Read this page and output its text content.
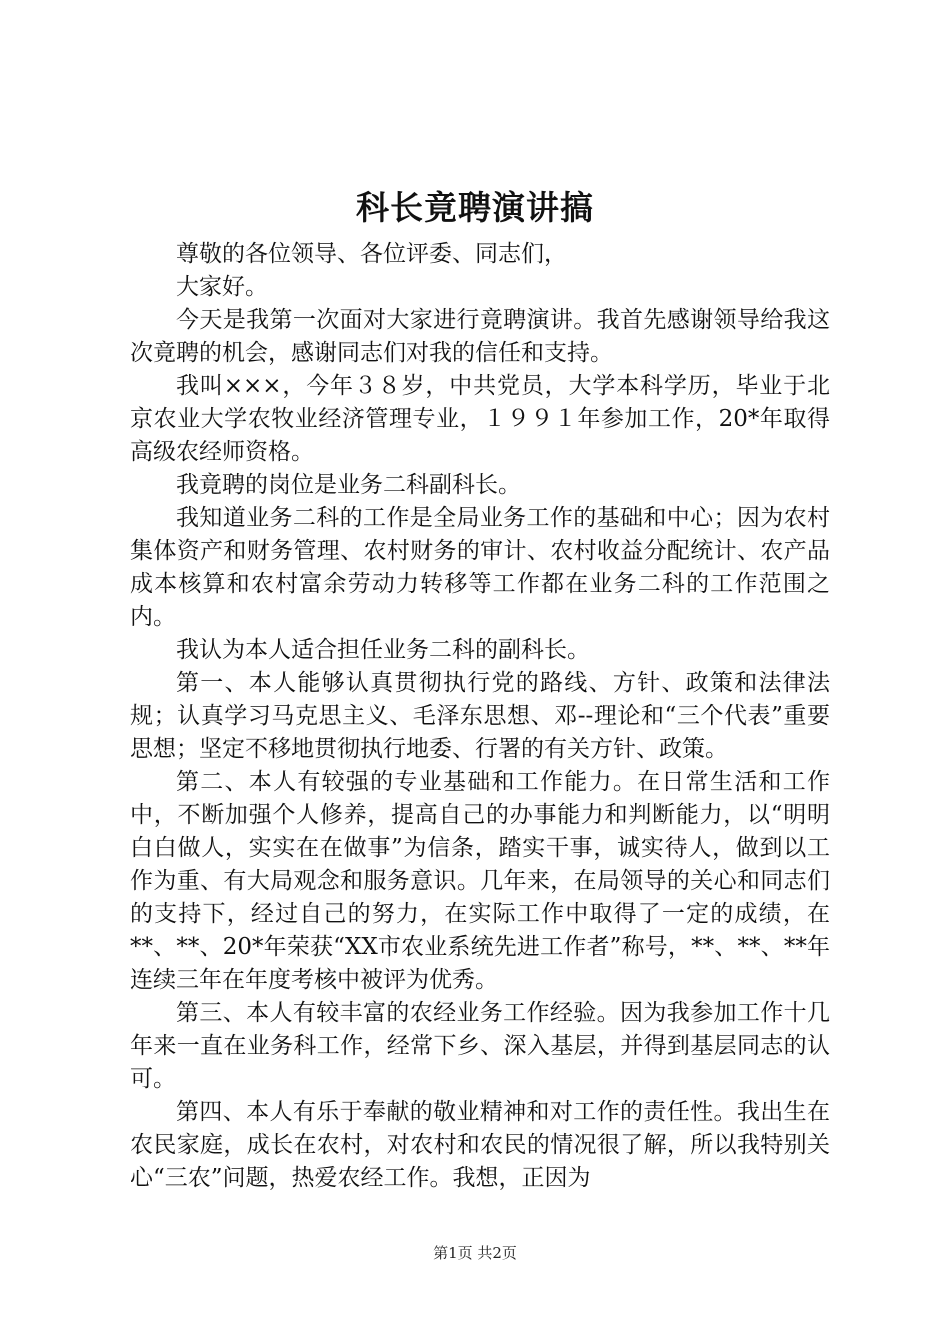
科长竟聘演讲搞

尊敬的各位领导、各位评委、同志们，

大家好。

今天是我第一次面对大家进行竟聘演讲。我首先感谢领导给我这次竟聘的机会，感谢同志们对我的信任和支持。

我叫×××，今年３８岁，中共党员，大学本科学历，毕业于北京农业大学农牧业经济管理专业，１９９１年参加工作，20*年取得高级农经师资格。

我竟聘的岗位是业务二科副科长。

我知道业务二科的工作是全局业务工作的基础和中心；因为农村集体资产和财务管理、农村财务的审计、农村收益分配统计、农产品成本核算和农村富余劳动力转移等工作都在业务二科的工作范围之内。

我认为本人适合担任业务二科的副科长。

第一、本人能够认真贯彻执行党的路线、方针、政策和法律法规；认真学习马克思主义、毛泽东思想、邓--理论和“三个代表”重要思想；坚定不移地贯彻执行地委、行署的有关方针、政策。

第二、本人有较强的专业基础和工作能力。在日常生活和工作中，不断加强个人修养，提高自己的办事能力和判断能力，以“明明白白做人，实实在在做事”为信条，踏实干事，诚实待人，做到以工作为重、有大局观念和服务意识。几年来，在局领导的关心和同志们的支持下，经过自己的努力，在实际工作中取得了一定的成绩，在**、**、20*年荣获“XX市农业系统先进工作者”称号，**、**、**年连续三年在年度考核中被评为优秀。

第三、本人有较丰富的农经业务工作经验。因为我参加工作十几年来一直在业务科工作，经常下乡、深入基层，并得到基层同志的认可。

第四、本人有乐于奉献的敬业精神和对工作的责任性。我出生在农民家庭，成长在农村，对农村和农民的情况很了解，所以我特别关心“三农”问题，热爱农经工作。我想，正因为

第1页 共2页
